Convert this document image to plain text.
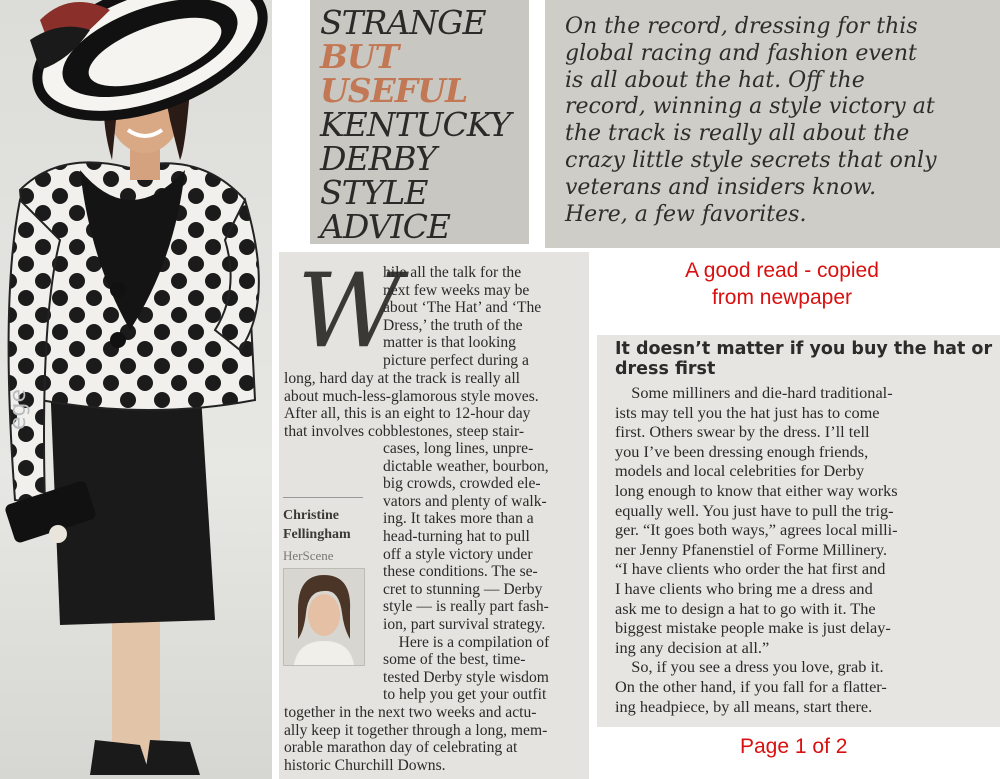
ege
STRANGE
BUT
USEFUL
KENTUCKY
DERBY
STYLE
ADVICE

On the record, dressing for this

global racing and fashion event

is all about the hat. Off the

record, winning a style victory at

the track is really all about the

crazy little style secrets that only

veterans and insiders know.

Here, a few favorites.

W
hile all the talk for the
next few weeks may be
about ‘The Hat’ and ‘The
Dress,’ the truth of the
matter is that looking
picture perfect during a
long, hard day at the track is really all
about much-less-glamorous style moves.
After all, this is an eight to 12-hour day
that involves cobblestones, steep stair-
cases, long lines, unpre-
dictable weather, bourbon,
big crowds, crowded ele-
vators and plenty of walk-
ing. It takes more than a
head-turning hat to pull
off a style victory under
these conditions. The se-
cret to stunning — Derby
style — is really part fash-
ion, part survival strategy.
Here is a compilation of
some of the best, time-
tested Derby style wisdom
to help you get your outfit
together in the next two weeks and actu-
ally keep it together through a long, mem-
orable marathon day of celebrating at
historic Churchill Downs.
Christine Fellingham
HerScene
A good read - copied from newpaper
It doesn’t matter if you buy the hat or dress first
Some milliners and die-hard traditional-
ists may tell you the hat just has to come
first. Others swear by the dress. I’ll tell
you I’ve been dressing enough friends,
models and local celebrities for Derby
long enough to know that either way works
equally well. You just have to pull the trig-
ger. “It goes both ways,” agrees local milli-
ner Jenny Pfanenstiel of Forme Millinery.
“I have clients who order the hat first and
I have clients who bring me a dress and
ask me to design a hat to go with it. The
biggest mistake people make is just delay-
ing any decision at all.”
So, if you see a dress you love, grab it.
On the other hand, if you fall for a flatter-
ing headpiece, by all means, start there.
Page 1 of 2
